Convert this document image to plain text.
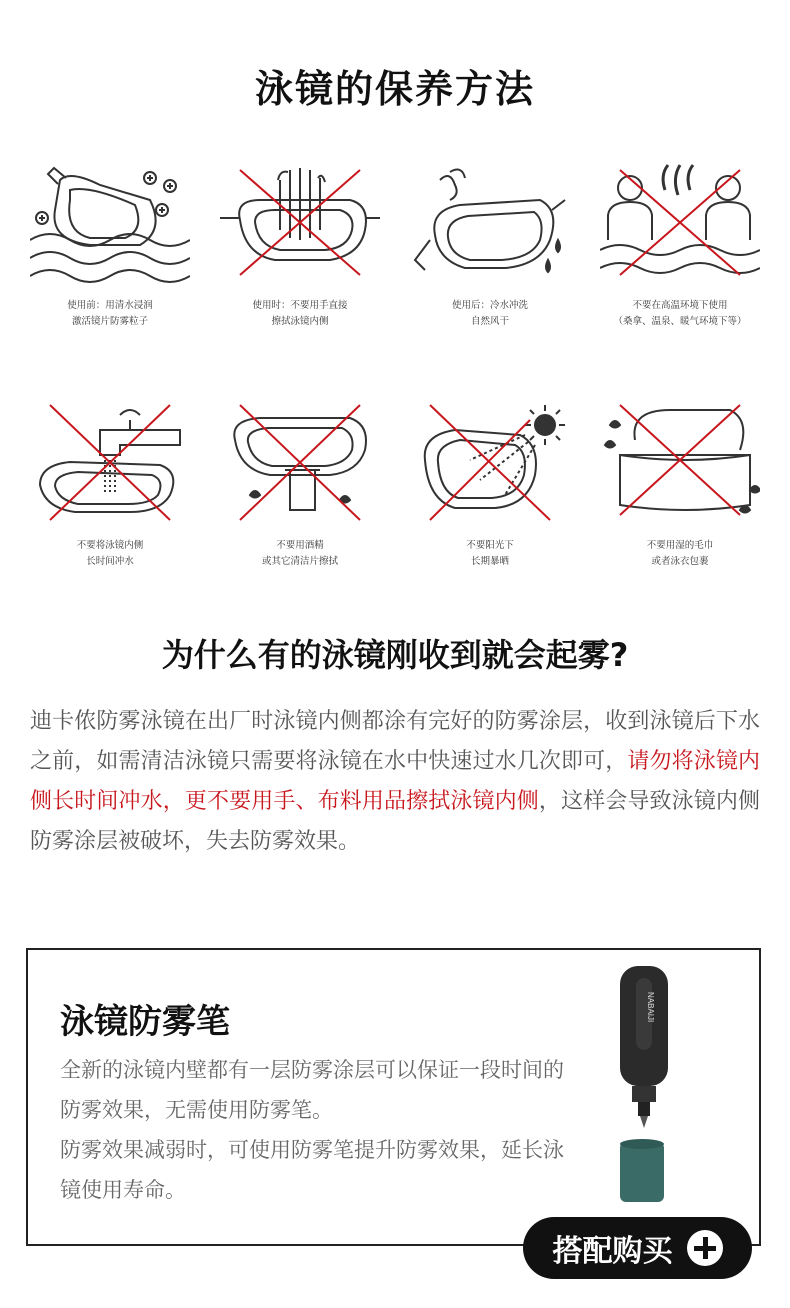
泳镜的保养方法
使用前：用清水浸润
激活镜片防雾粒子
使用时：不要用手直接
擦拭泳镜内侧
使用后：冷水冲洗
自然风干
不要在高温环境下使用
（桑拿、温泉、暖气环境下等）
不要将泳镜内侧
长时间冲水
不要用酒精
或其它清洁片擦拭
不要阳光下
长期暴晒
不要用湿的毛巾
或者泳衣包裹
为什么有的泳镜刚收到就会起雾?
迪卡侬防雾泳镜在出厂时泳镜内侧都涂有完好的防雾涂层，收到泳镜后下水之前，如需清洁泳镜只需要将泳镜在水中快速过水几次即可，请勿将泳镜内侧长时间冲水，更不要用手、布料用品擦拭泳镜内侧，这样会导致泳镜内侧防雾涂层被破坏，失去防雾效果。
泳镜防雾笔
全新的泳镜内壁都有一层防雾涂层可以保证一段时间的防雾效果，无需使用防雾笔。
防雾效果减弱时，可使用防雾笔提升防雾效果，延长泳镜使用寿命。
NABAIJI
搭配购买
